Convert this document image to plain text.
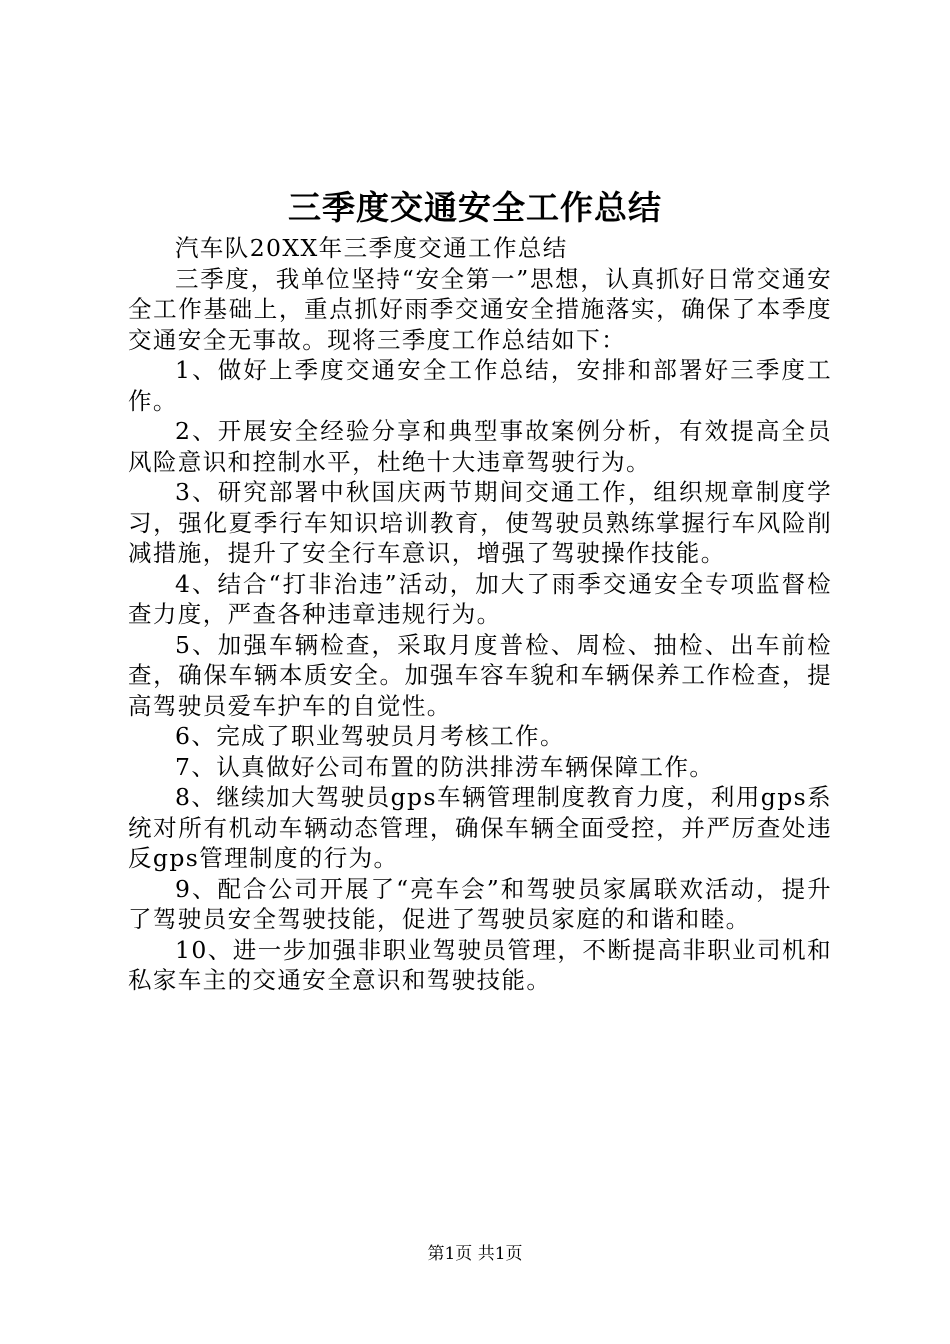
三季度交通安全工作总结

汽车队20XX年三季度交通工作总结

三季度，我单位坚持“安全第一”思想，认真抓好日常交通安全工作基础上，重点抓好雨季交通安全措施落实，确保了本季度交通安全无事故。现将三季度工作总结如下：

1、做好上季度交通安全工作总结，安排和部署好三季度工作。

2、开展安全经验分享和典型事故案例分析，有效提高全员风险意识和控制水平，杜绝十大违章驾驶行为。

3、研究部署中秋国庆两节期间交通工作，组织规章制度学习，强化夏季行车知识培训教育，使驾驶员熟练掌握行车风险削减措施，提升了安全行车意识，增强了驾驶操作技能。

4、结合“打非治违”活动，加大了雨季交通安全专项监督检查力度，严查各种违章违规行为。

5、加强车辆检查，采取月度普检、周检、抽检、出车前检查，确保车辆本质安全。加强车容车貌和车辆保养工作检查，提高驾驶员爱车护车的自觉性。

6、完成了职业驾驶员月考核工作。

7、认真做好公司布置的防洪排涝车辆保障工作。

8、继续加大驾驶员gps车辆管理制度教育力度，利用gps系统对所有机动车辆动态管理，确保车辆全面受控，并严厉查处违反gps管理制度的行为。

9、配合公司开展了“亮车会”和驾驶员家属联欢活动，提升了驾驶员安全驾驶技能，促进了驾驶员家庭的和谐和睦。

10、进一步加强非职业驾驶员管理，不断提高非职业司机和私家车主的交通安全意识和驾驶技能。

第1页 共1页
